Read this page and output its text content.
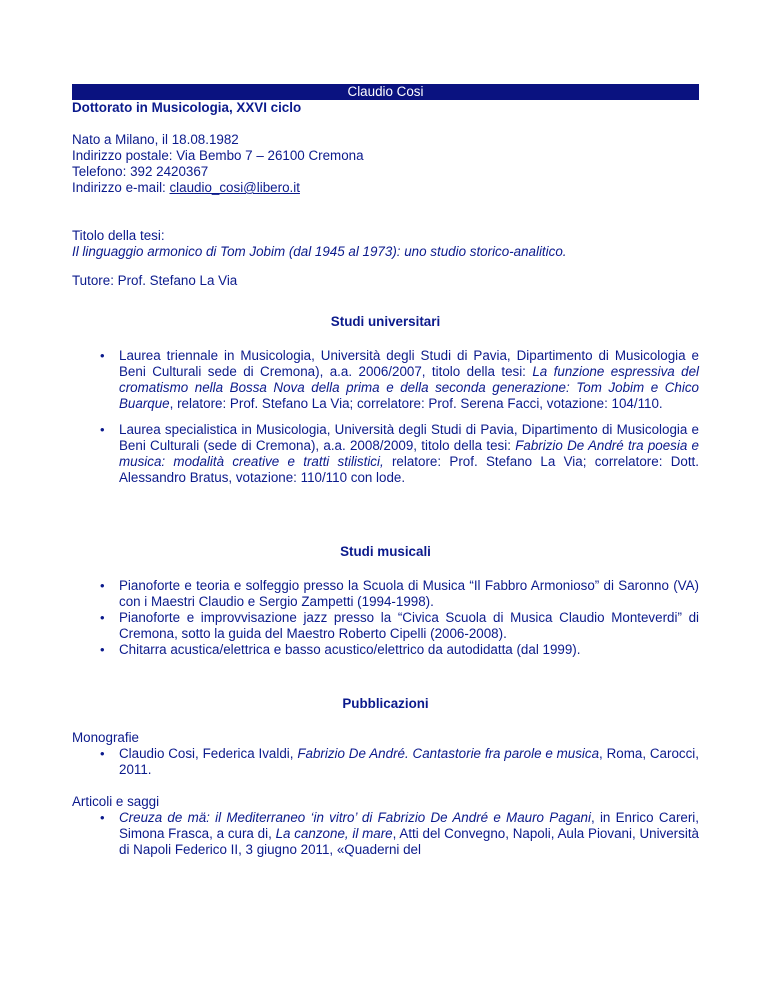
Claudio Cosi
Dottorato in Musicologia, XXVI ciclo
Nato a Milano, il 18.08.1982
Indirizzo postale: Via Bembo 7 – 26100 Cremona
Telefono: 392 2420367
Indirizzo e-mail: claudio_cosi@libero.it
Titolo della tesi:
Il linguaggio armonico di Tom Jobim (dal 1945 al 1973): uno studio storico-analitico.
Tutore: Prof. Stefano La Via
Studi universitari
• Laurea triennale in Musicologia, Università degli Studi di Pavia, Dipartimento di Musicologia e Beni Culturali sede di Cremona), a.a. 2006/2007, titolo della tesi: La funzione espressiva del cromatismo nella Bossa Nova della prima e della seconda generazione: Tom Jobim e Chico Buarque, relatore: Prof. Stefano La Via; correlatore: Prof. Serena Facci, votazione: 104/110.
• Laurea specialistica in Musicologia, Università degli Studi di Pavia, Dipartimento di Musicologia e Beni Culturali (sede di Cremona), a.a. 2008/2009, titolo della tesi: Fabrizio De André tra poesia e musica: modalità creative e tratti stilistici, relatore: Prof. Stefano La Via; correlatore: Dott. Alessandro Bratus, votazione: 110/110 con lode.
Studi musicali
• Pianoforte e teoria e solfeggio presso la Scuola di Musica “Il Fabbro Armonioso” di Saronno (VA) con i Maestri Claudio e Sergio Zampetti (1994-1998).
• Pianoforte e improvvisazione jazz presso la “Civica Scuola di Musica Claudio Monteverdi” di Cremona, sotto la guida del Maestro Roberto Cipelli (2006-2008).
• Chitarra acustica/elettrica e basso acustico/elettrico da autodidatta (dal 1999).
Pubblicazioni
Monografie
• Claudio Cosi, Federica Ivaldi, Fabrizio De André. Cantastorie fra parole e musica, Roma, Carocci, 2011.
Articoli e saggi
• Creuza de mä: il Mediterraneo ‘in vitro’ di Fabrizio De André e Mauro Pagani, in Enrico Careri, Simona Frasca, a cura di, La canzone, il mare, Atti del Convegno, Napoli, Aula Piovani, Università di Napoli Federico II, 3 giugno 2011, «Quaderni del
